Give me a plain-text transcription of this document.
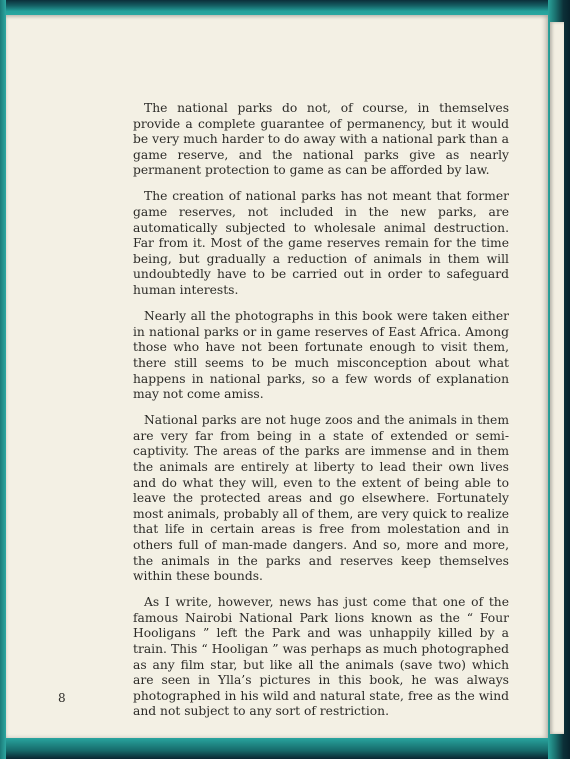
The national parks do not, of course, in themselves provide a complete guarantee of permanency, but it would be very much harder to do away with a national park than a game reserve, and the national parks give as nearly permanent protection to game as can be afforded by law.

The creation of national parks has not meant that former game reserves, not included in the new parks, are automatically subjected to wholesale animal destruction. Far from it. Most of the game reserves remain for the time being, but gradually a reduction of animals in them will undoubtedly have to be carried out in order to safeguard human interests.

Nearly all the photographs in this book were taken either in national parks or in game reserves of East Africa. Among those who have not been fortunate enough to visit them, there still seems to be much misconception about what happens in national parks, so a few words of explanation may not come amiss.

National parks are not huge zoos and the animals in them are very far from being in a state of extended or semi-captivity. The areas of the parks are immense and in them the animals are entirely at liberty to lead their own lives and do what they will, even to the extent of being able to leave the protected areas and go elsewhere. Fortunately most animals, probably all of them, are very quick to realize that life in certain areas is free from molestation and in others full of man-made dangers. And so, more and more, the animals in the parks and reserves keep themselves within these bounds.

As I write, however, news has just come that one of the famous Nairobi National Park lions known as the “ Four Hooligans ” left the Park and was unhappily killed by a train. This “ Hooligan ” was perhaps as much photographed as any film star, but like all the animals (save two) which are seen in Ylla’s pictures in this book, he was always photographed in his wild and natural state, free as the wind and not subject to any sort of restriction.

8
